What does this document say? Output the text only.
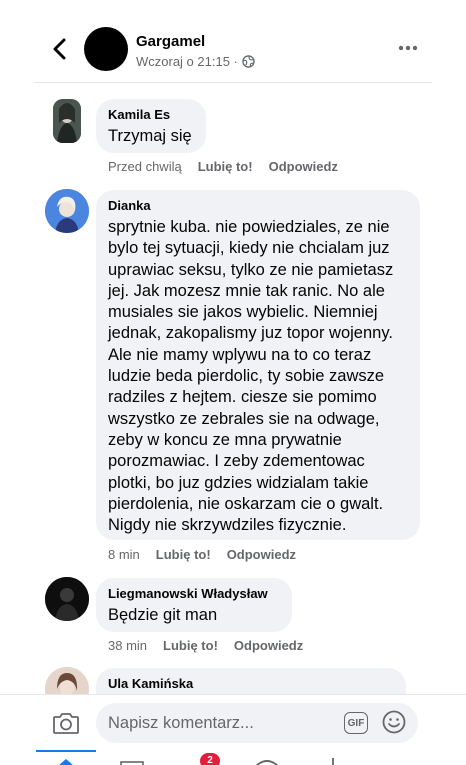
Gargamel
Wczoraj o 21:15 ·
Kamila Es
Trzymaj się
Przed chwilą Lubię to! Odpowiedz
Dianka
sprytnie kuba. nie powiedziales, ze nie
bylo tej sytuacji, kiedy nie chcialam juz
uprawiac seksu, tylko ze nie pamietasz
jej. Jak mozesz mnie tak ranic. No ale
musiales sie jakos wybielic. Niemniej
jednak, zakopalismy juz topor wojenny.
Ale nie mamy wplywu na to co teraz
ludzie beda pierdolic, ty sobie zawsze
radziles z hejtem. ciesze sie pomimo
wszystko ze zebrales sie na odwage,
zeby w koncu ze mna prywatnie
porozmawiac. I zeby zdementowac
plotki, bo juz gdzies widzialam takie
pierdolenia, nie oskarzam cie o gwalt.
Nigdy nie skrzywdziles fizycznie.
8 min Lubię to! Odpowiedz
Liegmanowski Władysław
Będzie git man
38 min Lubię to! Odpowiedz
Ula Kamińska
Napisz komentarz...
GIF
2
